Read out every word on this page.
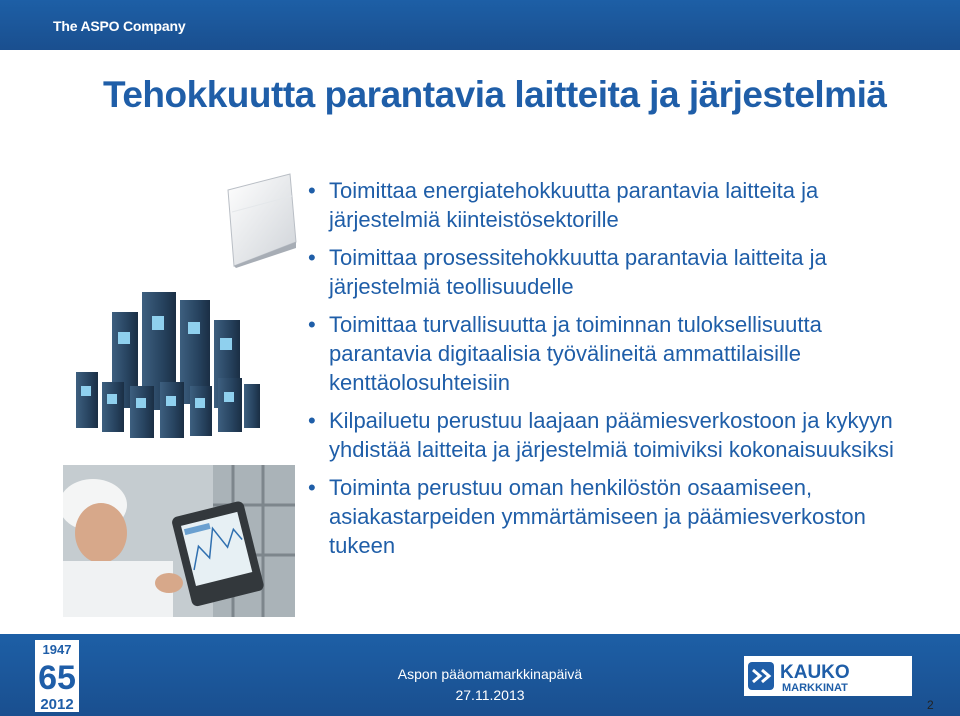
The ASPO Company
Tehokkuutta parantavia laitteita ja järjestelmiä
• Toimittaa energiatehokkuutta parantavia laitteita ja järjestelmiä kiinteistösektorille
• Toimittaa prosessitehokkuutta parantavia laitteita ja järjestelmiä teollisuudelle
• Toimittaa turvallisuutta ja toiminnan tuloksellisuutta parantavia digitaalisia työvälineitä ammattilaisille kenttäolosuhteisiin
• Kilpailuetu perustuu laajaan päämiesverkostoon ja kykyyn yhdistää laitteita ja järjestelmiä toimiviksi kokonaisuuksiksi
• Toiminta perustuu oman henkilöstön osaamiseen, asiakastarpeiden ymmärtämiseen ja päämiesverkoston tukeen
1947
65
2012
Aspon pääomamarkkinapäivä
27.11.2013
KAUKO
MARKKINAT
2
